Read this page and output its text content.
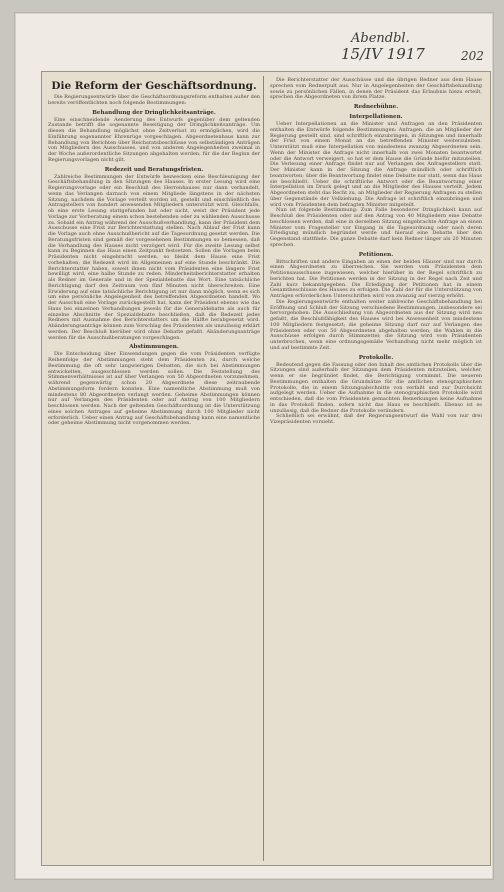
Abendbl.
15/IV 1917	202
Die Reform der Geschäftsordnung.

Die Regierungsentwürfe über die Geschäftsordnungsreform enthalten außer den bereits veröffentlichten noch folgende Bestimmungen:

Behandlung der Dringlichkeitsanträge.

Eine einschneidende Aenderung des Entwurfs gegenüber dem geltenden Zustande betrifft die sogenannte Beseitigung der Dringlichkeitsanträge. Um diesen die Behandlung möglichst ohne Zeitverlust zu ermöglichen, wird die Einführung sogenannter Ehrenrüge vorgeschlagen. Abgeordnetenhaus kann zur Behandlung von Berichten über Reichsratsbeschlüsse von selbständigen Anträgen von Mitgliedern des Ausschusses, und von anderen Angelegenheiten zweimal in der Woche außerordentliche Sitzungen abgehalten werden, für die der Beginn der Regierungsvorlagen nicht gilt.

Redezeit und Beratungsfristen.

Zahlreiche Bestimmungen der Entwürfe bezwecken eine Beschleunigung der Geschäftsbehandlung in den Sitzungen des Hauses. In erster Lesung wird eine Regierungsvorlage oder ein Beschluß des Herrenhauses nur dann verhandelt, wenn das Verlangen darnach von einem Mitgliede längstens in der nächsten Sitzung, nachdem die Vorlage verteilt worden ist, gestellt und einschließlich des Antragstellers von hundert anwesenden Mitgliedern unterstützt wird. Gleichfalls, ob eine erste Lesung stattgefunden hat oder nicht, weist der Präsident jede Vorlage zur Vorberatung einem schon bestehenden oder zu wählenden Ausschusse zu. Sobald ein Antrag während der Ausschußverhandlung, kann der Präsident dem Ausschusse eine Frist zur Berichterstattung stellen. Nach Ablauf der Frist kann die Vorlage auch ohne Ausschußbericht auf die Tagesordnung gesetzt werden. Die Beratungsfristen sind gemäß der vorgesehenen Bestimmungen so bemessen, daß die Verhandlung des Hauses nicht verzögert wird. Für die zweite Lesung selbst kann zu Beginnen das Haus einen Zeitpunkt festsetzen. Sollen die Vorlagen beim Präsidenten nicht eingebracht werden, so bleibt dem Hause eine Frist vorbehalten; die Redezeit wird im Allgemeinen auf eine Stunde beschränkt. Die Berichterstatter haben, soweit ihnen nicht vom Präsidenten eine längere Frist bewilligt wird, eine halbe Stunde zu reden. Minderheitsberichterstatter erhalten als Redner im Generale und in der Spezialdebatte das Wort. Eine tatsächliche Berichtigung darf den Zeitraum von fünf Minuten nicht überschreiten. Eine Erwiderung auf eine tatsächliche Berichtigung ist nur dann möglich, wenn es sich um eine persönliche Angelegenheit des betreffenden Abgeordneten handelt. Wo der Ausschuß eine Vorlage zurückgestellt hat, kann der Präsident ebenso wie das Haus bei einzelnen Verhandlungen jeweils für die Generaldebatte als auch für einzelne Abschnitte der Spezialdebatte beschließen, daß die Redezeit jedes Redners mit Ausnahme des Berichterstatters um die Hälfte herabgesetzt wird. Abänderungsanträge können zum Vorschlag des Präsidenten als unzulässig erklärt werden. Der Beschluß hierüber wird ohne Debatte gefaßt. Abänderungsanträge werden für die Ausschußberatungen vorgeschlagen.

Abstimmungen.

Die Entscheidung über Einwendungen gegen die vom Präsidenten verfügte Reihenfolge der Abstimmungen steht dem Präsidenten zu, durch welche Bestimmung die oft sehr langwierigen Debatten, die sich bei Abstimmungen entwickelten, ausgeschlossen werden sollen. Die Feststellung des Stimmenverhältnisses ist auf über Verlangen von 50 Abgeordneten vorzunehmen, während gegenwärtig schon 20 Abgeordnete diese zeitraubende Abstimmungsform fordern konnten. Eine namentliche Abstimmung muß von mindestens 80 Abgeordneten verlangt werden. Geheime Abstimmungen können nur auf Verlangen des Präsidenten oder auf Antrag von 100 Mitgliedern beschlossen werden. Nach der geltenden Geschäftsordnung ist die Unterstützung eines solchen Antrages auf geheime Abstimmung durch 100 Mitglieder nicht erforderlich. Ueber einen Antrag auf Geschäftsbehandlung kann eine namentliche oder geheime Abstimmung nicht vorgenommen werden.

Die Berichterstatter der Ausschüsse und die übrigen Redner aus dem Hause sprechen vom Rednerpult aus. Nur in Angelegenheiten der Geschäftsbehandlung sowie zu persönlichen Fällen, in denen der Präsident das Erlaubnis hiezu erteilt, sprechen die Abgeordneten von ihrem Platze.

Rednerbühne.
Interpellationen.

Ueber Interpellationen an die Minister und Anfragen an den Präsidenten enthalten die Entwürfe folgende Bestimmungen: Anfragen, die an Mitglieder der Regierung gestellt sind, sind schriftlich einzubringen, in Sitzungen und innerhalb der Frist von einem Monat an die betreffenden Minister weiterzuleiten. Unterstützt muß eine Interpellation von mindestens zwanzig Abgeordneten sein. Wenn der Minister die Anfrage nicht innerhalb von zwei Monaten beantwortet oder die Antwort verweigert, so hat er dem Hause die Gründe hiefür mitzuteilen. Die Verlesung einer Anfrage findet nur auf Verlangen des Anfragestellers statt. Der Minister kann in der Sitzung die Anfrage mündlich oder schriftlich beantworten; über die Beantwortung findet eine Debatte nur statt, wenn das Haus sie beschließt. Ueber die schriftliche Antwort oder die Beantwortung einer Interpellation im Druck gelegt und an die Mitglieder des Hauses verteilt. Jedem Abgeordneten steht das Recht zu, an Mitglieder der Regierung Anfragen zu stellen über Gegenstände der Vollziehung. Die Anfrage ist schriftlich einzubringen und wird vom Präsidenten dem befragten Minister mitgeteilt.

Nun ist folgende Bestimmung: Zum Falle besonderer Dringlichkeit kann auf Beschluß des Präsidenten oder auf den Antrag von 40 Mitgliedern eine Debatte beschlossen werden, daß eine in derselben Sitzung eingebrachte Anfrage an einen Minister vom Fragesteller vor Eingang in die Tagesordnung oder nach deren Erledigung mündlich begründet werde und hierauf eine Debatte über den Gegenstand stattfinde. Die ganze Debatte darf kein Redner länger als 20 Minuten sprechen.

Petitionen.

Bittschriften und andere Eingaben an einen der beiden Häuser sind nur durch einen Abgeordneten zu überreichen. Sie werden vom Präsidenten dem Petitionsausschusse zugewiesen, welcher hierüber in der Regel schriftlich zu berichten hat. Die Petitionen werden in der Sitzung in der Regel nach Zeit und Zahl kurz bekanntgegeben. Die Erledigung der Petitionen hat in einem Gesamtbeschlusse des Hauses zu erfolgen. Die Zahl der für die Unterstützung von Anträgen erforderlichen Unterschriften wird von zwanzig auf vierzig erhöht.

Die Regierungsentwürfe enthalten weiter zahlreiche Geschäftsbehandlung bei Eröffnung und Schluß der Sitzung verschiedene Bestimmungen, insbesondere sei hervorgehoben: Die Ausschließung von Abgeordneten aus der Sitzung wird neu gefaßt, die Beschlußfähigkeit des Hauses wird bei Anwesenheit von mindestens 100 Mitgliedern festgesetzt; die geheime Sitzung darf nur auf Verlangen des Präsidenten oder von 50 Abgeordneten abgehalten werden; die Wahlen in die Ausschüsse erfolgen durch Stimmzettel; die Sitzung wird vom Präsidenten unterbrochen, wenn eine ordnungsgemäße Verhandlung nicht mehr möglich ist und auf bestimmte Zeit.

Protokolle.

Bedeutend gegen die Fassung oder den Inhalt des amtlichen Protokolls über die Sitzungen sind außerhalb der Sitzungen dem Präsidenten mitzuteilen, welcher, wenn er sie begründet findet, die Berichtigung vornimmt. Die neueren Bestimmungen enthalten die Grundsätze für die amtlichen stenographischen Protokolle, die in einem Sitzungsabschnitte von verfaßt und zur Durchsicht aufgelegt werden. Ueber die Aufnahme in die stenographischen Protokolle wird entschieden, daß die vom Präsidenten gemachten Bemerkungen keine Aufnahme in das Protokoll finden, sofern nicht das Haus es beschließt. Ebenso ist es unzulässig, daß die Redner die Protokolle verändern.

Schließlich sei erwähnt, daß der Regierungsentwurf die Wahl von nur drei Vizepräsidenten vorsieht.
